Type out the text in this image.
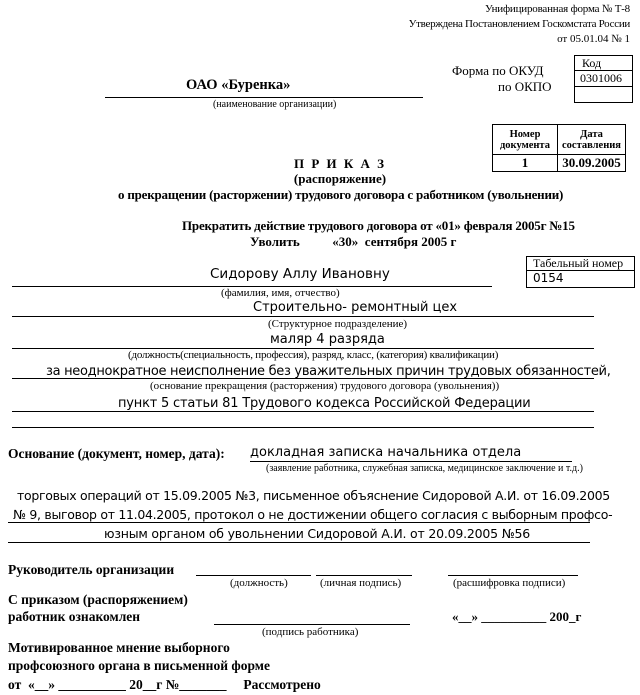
Унифицированная форма № Т-8
Утверждена Постановлением Госкомстата России
от 05.01.04 № 1
ОАО «Буренка»
(наименование организации)
Форма по ОКУД
по ОКПО
Код
0301006
Номер документа	Дата составления
1	30.09.2005
П Р И К А З
(распоряжение)
о прекращении (расторжении) трудового договора с работником (увольнении)
Прекратить действие трудового договора от «01» февраля 2005г №15
Уволить          «30»  сентября 2005 г
Табельный номер
0154
Сидорову Аллу Ивановну
(фамилия, имя, отчество)
Строительно- ремонтный цех
(Структурное подразделение)
маляр 4 разряда
(должность(специальность, профессия), разряд, класс, (категория) квалификации)
за неоднократное неисполнение без уважительных причин трудовых обязанностей,
(основание прекращения (расторжения) трудового договора (увольнения))
пункт 5 статьи 81 Трудового кодекса Российской Федерации
Основание (документ, номер, дата): докладная записка начальника отдела
(заявление работника, служебная записка, медицинское заключение и т.д.)
торговых операций от 15.09.2005 №3, письменное объяснение Сидоровой А.И. от 16.09.2005
№ 9, выговор от 11.04.2005, протокол о не достижении общего согласия с выборным профсо-
юзным органом об увольнении Сидоровой А.И. от 20.09.2005 №56
Руководитель организации
(должность)	(личная подпись)	(расшифровка подписи)
С приказом (распоряжением)
работник ознакомлен	«__» __________ 200_г
(подпись работника)
Мотивированное мнение выборного
профсоюзного органа в письменной форме
от  «__» __________ 20__г №_______     Рассмотрено
